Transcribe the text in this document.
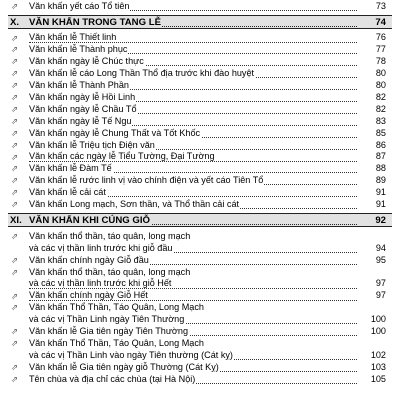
⇗	Văn khấn yết cáo Tổ tiên	73
X. VĂN KHẤN TRONG TANG LỄ	74
⇗	Văn khấn lễ Thiết linh	76
⇗	Văn khấn lễ Thành phục	77
⇗	Văn khấn ngày lễ Chúc thực	78
⇗	Văn khấn lễ cáo Long Thần Thổ địa trước khi đào huyệt	80
⇗	Văn khấn lễ Thành Phần	80
⇗	Văn khấn ngày lễ Hồi Linh	82
⇗	Văn khấn ngày lễ Chầu Tổ	82
⇗	Văn khấn ngày lễ Tế Ngu	83
⇗	Văn khấn ngày lễ Chung Thất và Tốt Khốc	85
⇗	Văn khấn lễ Triệu tịch Điện văn	86
⇗	Văn khấn các ngày lễ Tiểu Tường, Đại Tường	87
⇗	Văn khấn lễ Đàm Tế	88
⇗	Văn khấn lễ rước linh vị vào chính điện và yết cáo Tiên Tổ	89
⇗	Văn khấn lễ cải cát	91
⇗	Văn khấn Long mạch, Sơn thần, và Thổ thần cải cát	91
XI. VĂN KHẤN KHI CÚNG GIỖ	92
⇗	Văn khấn thổ thần, táo quân, long mạch
và các vị thần linh trước khi giỗ đầu	94
⇗	Văn khấn chính ngày Giỗ đầu	95
⇗	Văn khấn thổ thần, táo quân, long mạch
và các vị thần linh trước khi giỗ Hết	97
⇗	Văn khấn chính ngày Giỗ Hết	97
⇗	Văn khấn Thổ Thần, Táo Quân, Long Mạch
và các vị Thần Linh ngày Tiên Thường	100
⇗	Văn khấn lễ Gia tiên ngày Tiên Thường	100
⇗	Văn khấn Thổ Thần, Táo Quân, Long Mạch
và các vị Thần Linh vào ngày Tiên thường (Cát kỵ)	102
⇗	Văn khấn lễ Gia tiên ngày giỗ Thường (Cát Kỵ)	103
⇗	Tên chùa và địa chỉ các chùa (tại Hà Nội)	105
